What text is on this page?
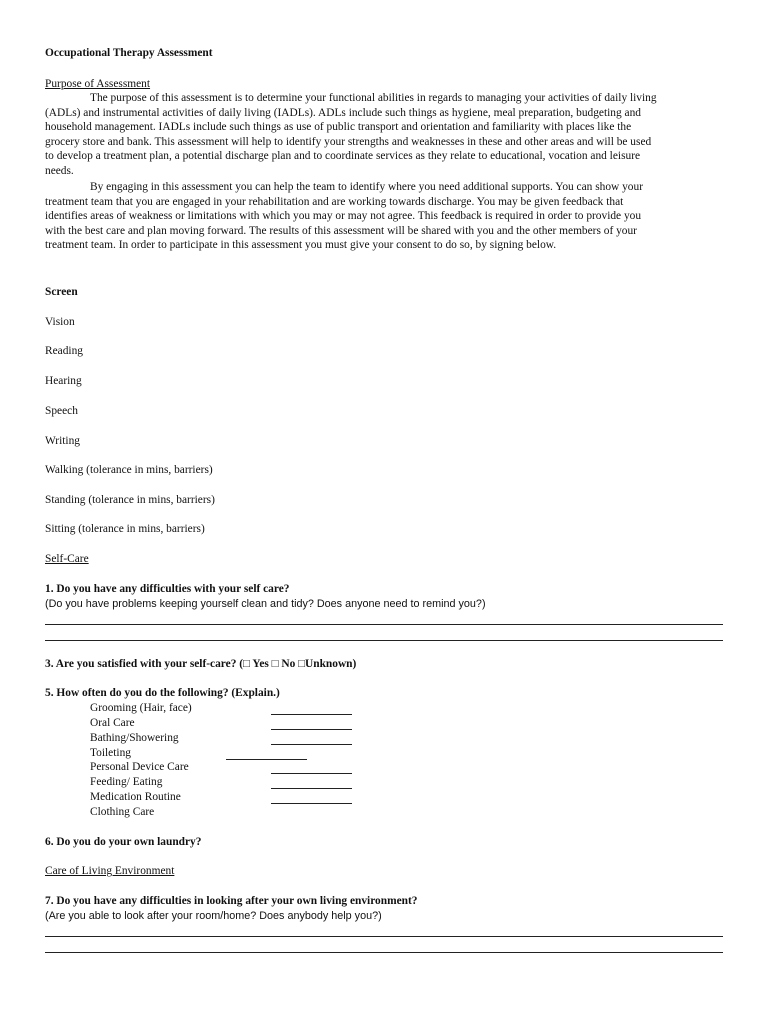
Occupational Therapy Assessment
Purpose of Assessment
The purpose of this assessment is to determine your functional abilities in regards to managing your activities of daily living
(ADLs) and instrumental activities of daily living (IADLs). ADLs include such things as hygiene, meal preparation, budgeting and
household management. IADLs include such things as use of public transport and orientation and familiarity with places like the
grocery store and bank. This assessment will help to identify your strengths and weaknesses in these and other areas and will be used
to develop a treatment plan, a potential discharge plan and to coordinate services as they relate to educational, vocation and leisure
needs.
By engaging in this assessment you can help the team to identify where you need additional supports. You can show your
treatment team that you are engaged in your rehabilitation and are working towards discharge. You may be given feedback that
identifies areas of weakness or limitations with which you may or may not agree. This feedback is required in order to provide you
with the best care and plan moving forward. The results of this assessment will be shared with you and the other members of your
treatment team. In order to participate in this assessment you must give your consent to do so, by signing below.
Screen
Vision
Reading
Hearing
Speech
Writing
Walking (tolerance in mins, barriers)
Standing (tolerance in mins, barriers)
Sitting (tolerance in mins, barriers)
Self-Care
1. Do you have any difficulties with your self care?
(Do you have problems keeping yourself clean and tidy? Does anyone need to remind you?)
3. Are you satisfied with your self-care? (□ Yes □ No □Unknown)
5. How often do you do the following? (Explain.)
Grooming (Hair, face)
Oral Care
Bathing/Showering
Toileting
Personal Device Care
Feeding/ Eating
Medication Routine
Clothing Care
6. Do you do your own laundry?
Care of Living Environment
7. Do you have any difficulties in looking after your own living environment?
(Are you able to look after your room/home? Does anybody help you?)
